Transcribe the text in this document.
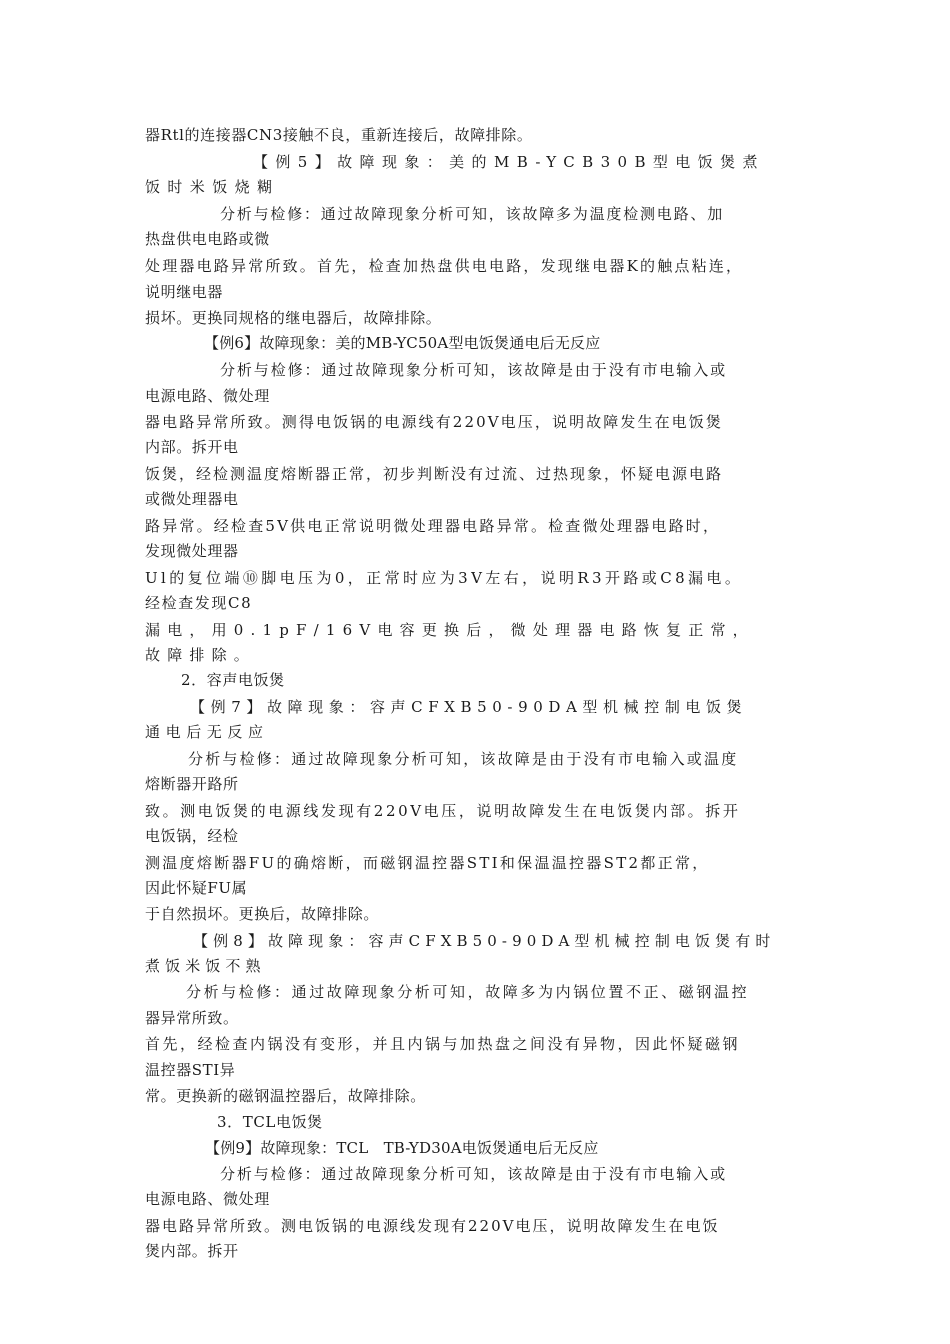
器Rtl的连接器CN3接触不良，重新连接后，故障排除。
【例5】故障现象：美的MB-YCB30B型电饭煲煮
饭时米饭烧糊
分析与检修：通过故障现象分析可知，该故障多为温度检测电路、加
热盘供电电路或微
处理器电路异常所致。首先，检查加热盘供电电路，发现继电器K的触点粘连，
说明继电器
损坏。更换同规格的继电器后，故障排除。
【例6】故障现象：美的MB-YC50A型电饭煲通电后无反应
分析与检修：通过故障现象分析可知，该故障是由于没有市电输入或
电源电路、微处理
器电路异常所致。测得电饭锅的电源线有220V电压，说明故障发生在电饭煲
内部。拆开电
饭煲，经检测温度熔断器正常，初步判断没有过流、过热现象，怀疑电源电路
或微处理器电
路异常。经检查5V供电正常说明微处理器电路异常。检查微处理器电路时，
发现微处理器
Ul的复位端⑩脚电压为0，正常时应为3V左右，说明R3开路或C8漏电。
经检查发现C8
漏电，用0.1pF/16V电容更换后，微处理器电路恢复正常，
故障排除。
2．容声电饭煲
【例7】故障现象：容声CFXB50-90DA型机械控制电饭煲
通电后无反应
分析与检修：通过故障现象分析可知，该故障是由于没有市电输入或温度
熔断器开路所
致。测电饭煲的电源线发现有220V电压，说明故障发生在电饭煲内部。拆开
电饭锅，经检
测温度熔断器FU的确熔断，而磁钢温控器STI和保温温控器ST2都正常，
因此怀疑FU属
于自然损坏。更换后，故障排除。
【例8】故障现象：容声CFXB50-90DA型机械控制电饭煲有时
煮饭米饭不熟
分析与检修：通过故障现象分析可知，故障多为内锅位置不正、磁钢温控
器异常所致。
首先，经检查内锅没有变形，并且内锅与加热盘之间没有异物，因此怀疑磁钢
温控器STI异
常。更换新的磁钢温控器后，故障排除。
3．TCL电饭煲
【例9】故障现象：TCL　TB-YD30A电饭煲通电后无反应
分析与检修：通过故障现象分析可知，该故障是由于没有市电输入或
电源电路、微处理
器电路异常所致。测电饭锅的电源线发现有220V电压，说明故障发生在电饭
煲内部。拆开
